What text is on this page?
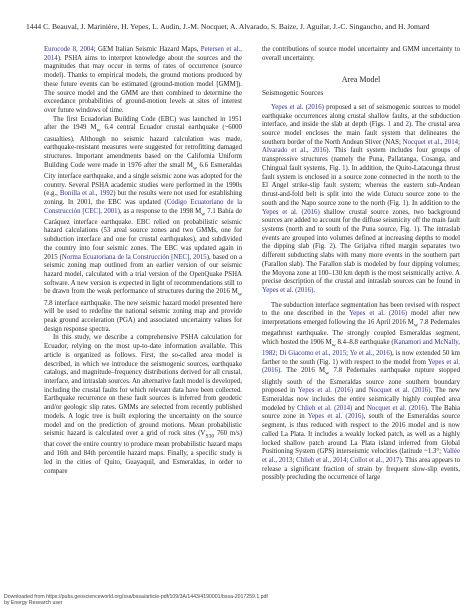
1444 C. Beauval, J. Marinière, H. Yepes, L. Audin, J.-M. Nocquet, A. Alvarado, S. Baize, J. Aguilar, J.-C. Singaucho, and H. Jomard

Eurocode 8, 2004; GEM Italian Seismic Hazard Maps, Petersen et al., 2014). PSHA aims to interpret knowledge about the sources and the magnitudes that may occur in terms of rates of occurrence (source model). Thanks to empirical models, the ground motions produced by these future events can be estimated (ground-motion model [GMM]). The source model and the GMM are then combined to determine the exceedance probabilities of ground-motion levels at sites of interest over future windows of time.

The first Ecuadorian Building Code (EBC) was launched in 1951 after the 1949 $M_w$ 6.4 central Ecuador crustal earthquake (~6000 casualties). Although no seismic hazard calculation was made, earthquake-resistant measures were suggested for retrofitting damaged structures. Important amendments based on the California Uniform Building Code were made in 1976 after the small $M_w$ 6.6 Esmeraldas City interface earthquake, and a single seismic zone was adopted for the country. Several PSHA academic studies were performed in the 1990s (e.g., Bonilla et al., 1992) but the results were not used for establishing zoning. In 2001, the EBC was updated (Código Ecuatoriano de la Construcción [CEC], 2001), as a response to the 1998 $M_w$ 7.1 Bahía de Caráquez interface earthquake. EBC relied on probabilistic seismic hazard calculations (53 areal source zones and two GMMs, one for subduction interface and one for crustal earthquakes), and subdivided the country into four seismic zones. The EBC was updated again in 2015 (Norma Ecuatoriana de la Construcción [NEC], 2015), based on a seismic zoning map outlined from an earlier version of our seismic hazard model, calculated with a trial version of the OpenQuake PSHA software. A new version is expected in light of recommendations still to be drawn from the weak performance of structures during the 2016 $M_w$ 7.8 interface earthquake. The new seismic hazard model presented here will be used to redefine the national seismic zoning map and provide peak ground acceleration (PGA) and associated uncertainty values for design response spectra.

In this study, we describe a comprehensive PSHA calculation for Ecuador, relying on the most up-to-date information available. This article is organized as follows. First, the so-called area model is described, in which we introduce the seismogenic sources, earthquake catalogs, and magnitude–frequency distributions derived for all crustal, interface, and intraslab sources. An alternative fault model is developed, including the crustal faults for which relevant data have been collected. Earthquake recurrence on these fault sources is inferred from geodetic and/or geologic slip rates. GMMs are selected from recently published models. A logic tree is built exploring the uncertainty on the source model and on the prediction of ground motions. Mean probabilistic seismic hazard is calculated over a grid of rock sites ($V_{S30}$ 760 m/s) that cover the entire country to produce mean probabilistic hazard maps and 16th and 84th percentile hazard maps. Finally, a specific study is led in the cities of Quito, Guayaquil, and Esmeraldas, in order to compare

the contributions of source model uncertainty and GMM uncertainty to overall uncertainty.

Area Model
Seismogenic Sources

Yepes et al. (2016) proposed a set of seismogenic sources to model earthquake occurrences along crustal shallow faults, at the subduction interface, and inside the slab at depth (Figs. 1 and 2). The crustal area source model encloses the main fault system that delineates the southern border of the North Andean Sliver (NAS; Nocquet et al., 2014; Alvarado et al., 2016). This fault system includes four groups of transpressive structures (namely the Puna, Pallatanga, Cosanga, and Chingual fault systems, Fig. 1). In addition, the Quito-Latacunga thrust fault system is enclosed in a source zone connected in the north to the El Angel strike-slip fault system; whereas the eastern sub-Andean thrust-and-fold belt is split into the wide Cutucu source zone to the south and the Napo source zone to the north (Fig. 1). In addition to the Yepes et al. (2016) shallow crustal source zones, two background sources are added to account for the diffuse seismicity off the main fault systems (north and to south of the Puna source, Fig. 1). The intraslab events are grouped into volumes defined at increasing depths to model the dipping slab (Fig. 2). The Grijalva rifted margin separates two different subducting slabs with many more events in the southern part (Farallon slab). The Farallon slab is modeled by four dipping volumes; the Moyona zone at 100–130 km depth is the most seismically active. A precise description of the crustal and intraslab sources can be found in Yepes et al. (2016).

The subduction interface segmentation has been revised with respect to the one described in the Yepes et al. (2016) model after new interpretations emerged following the 16 April 2016 $M_w$ 7.8 Pedernales megathrust earthquake. The strongly coupled Esmeraldas segment, which hosted the 1906 $M_w$ 8.4–8.8 earthquake (Kanamori and McNally, 1982; Di Giacomo et al., 2015; Ye et al., 2016), is now extended 50 km farther to the south (Fig. 1) with respect to the model from Yepes et al. (2016). The 2016 $M_w$ 7.8 Pedernales earthquake rupture stopped slightly south of the Esmeraldas source zone southern boundary proposed in Yepes et al. (2016) and Nocquet et al. (2016). The new Esmeraldas now includes the entire seismically highly coupled area modeled by Chlieh et al. (2014) and Nocquet et al. (2016). The Bahia source zone in Yepes et al. (2016), south of the Esmeraldas source segment, is thus reduced with respect to the 2016 model and is now called La Plata. It includes a weakly locked patch, as well as a highly locked shallow patch around La Plata island inferred from Global Positioning System (GPS) interseismic velocities (latitude ~1.3°; Vallée et al., 2013; Chlieh et al., 2014; Collot et al., 2017). This area appears to release a significant fraction of strain by frequent slow-slip events, possibly precluding the occurrence of large

Downloaded from https://pubs.geoscienceworld.org/ssa/bssa/article-pdf/109/3A/1443/4190001/bssa-2017259.1.pdf
by Energy Research user
